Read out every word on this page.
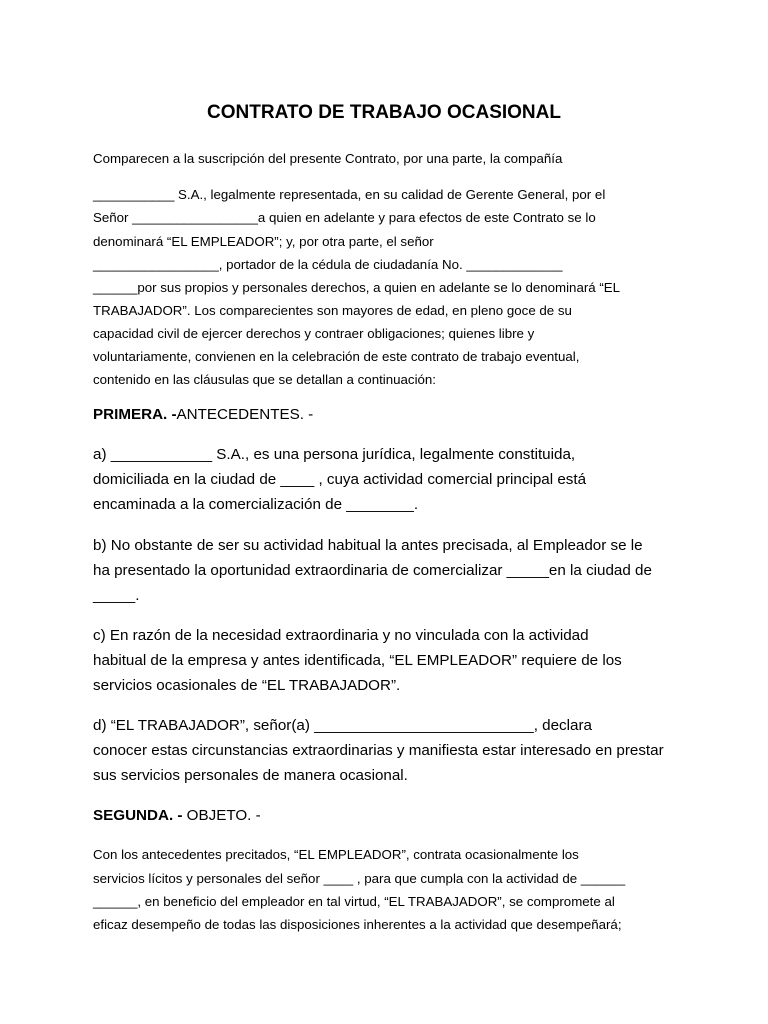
CONTRATO DE TRABAJO OCASIONAL

Comparecen a la suscripción del presente Contrato, por una parte, la compañía

___________ S.A., legalmente representada, en su calidad de Gerente General, por el

Señor _________________a quien en adelante y para efectos de este Contrato se lo

denominará “EL EMPLEADOR”; y, por otra parte, el señor

_________________, portador de la cédula de ciudadanía No. _____________

______por sus propios y personales derechos, a quien en adelante se lo denominará “EL

TRABAJADOR”. Los comparecientes son mayores de edad, en pleno goce de su

capacidad civil de ejercer derechos y contraer obligaciones; quienes libre y

voluntariamente, convienen en la celebración de este contrato de trabajo eventual,

contenido en las cláusulas que se detallan a continuación:

PRIMERA. -ANTECEDENTES. -

a) ____________ S.A., es una persona jurídica, legalmente constituida,

domiciliada en la ciudad de ____ , cuya actividad comercial principal está

encaminada a la comercialización de ________.

b) No obstante de ser su actividad habitual la antes precisada, al Empleador se le

ha presentado la oportunidad extraordinaria de comercializar _____en la ciudad de

_____.

c) En razón de la necesidad extraordinaria y no vinculada con la actividad

habitual de la empresa y antes identificada, “EL EMPLEADOR” requiere de los

servicios ocasionales de “EL TRABAJADOR”.

d) “EL TRABAJADOR”, señor(a) __________________________, declara

conocer estas circunstancias extraordinarias y manifiesta estar interesado en prestar

sus servicios personales de manera ocasional.

SEGUNDA. - OBJETO. -

Con los antecedentes precitados, “EL EMPLEADOR”, contrata ocasionalmente los

servicios lícitos y personales del señor ____ , para que cumpla con la actividad de ______

______, en beneficio del empleador en tal virtud, “EL TRABAJADOR”, se compromete al

eficaz desempeño de todas las disposiciones inherentes a la actividad que desempeñará;
